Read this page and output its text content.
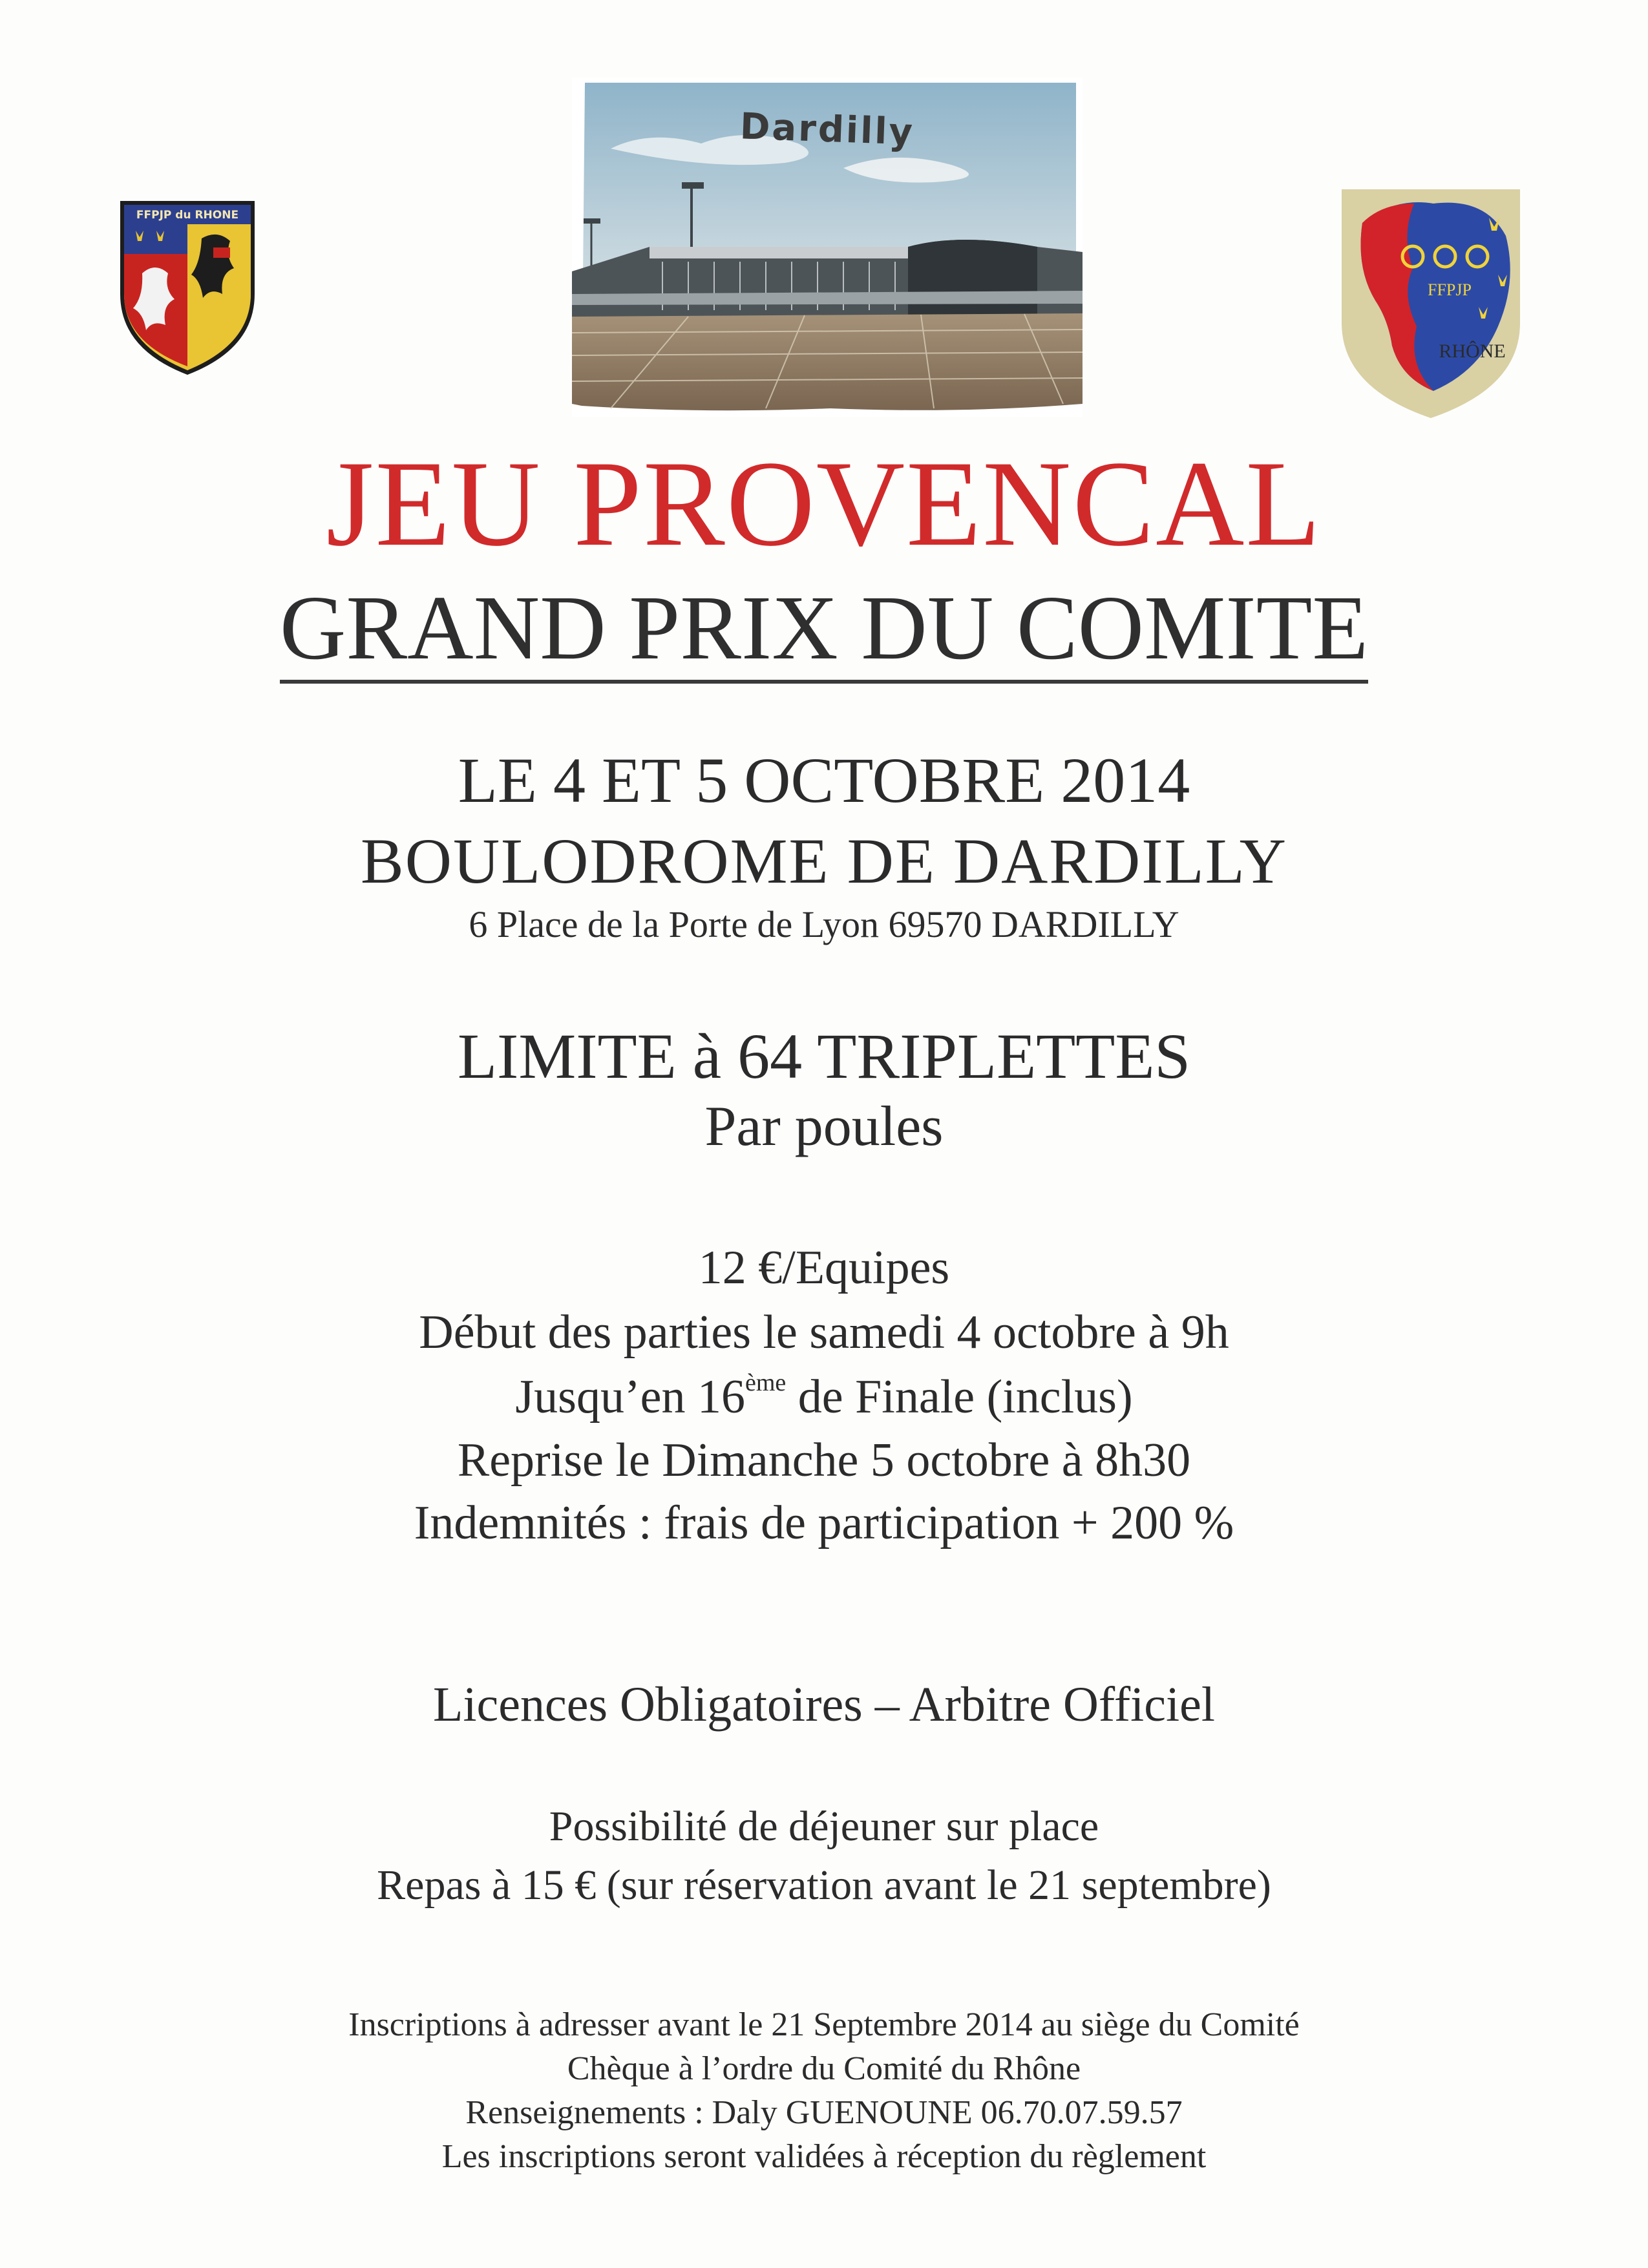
FFPJP du RHONE
Dardilly
FFPJP
RHÔNE
JEU PROVENCAL
GRAND PRIX DU COMITE
LE 4 ET 5 OCTOBRE 2014
BOULODROME DE DARDILLY
6 Place de la Porte de Lyon 69570 DARDILLY
LIMITE à 64 TRIPLETTES
Par poules
12 €/Equipes
Début des parties le samedi 4 octobre à 9h
Jusqu’en 16ème de Finale (inclus)
Reprise le Dimanche 5 octobre à 8h30
Indemnités : frais de participation + 200 %
Licences Obligatoires – Arbitre Officiel
Possibilité de déjeuner sur place
Repas à 15 € (sur réservation avant le 21 septembre)
Inscriptions à adresser avant le 21 Septembre 2014 au siège du Comité
Chèque à l’ordre du Comité du Rhône
Renseignements : Daly GUENOUNE 06.70.07.59.57
Les inscriptions seront validées à réception du règlement
